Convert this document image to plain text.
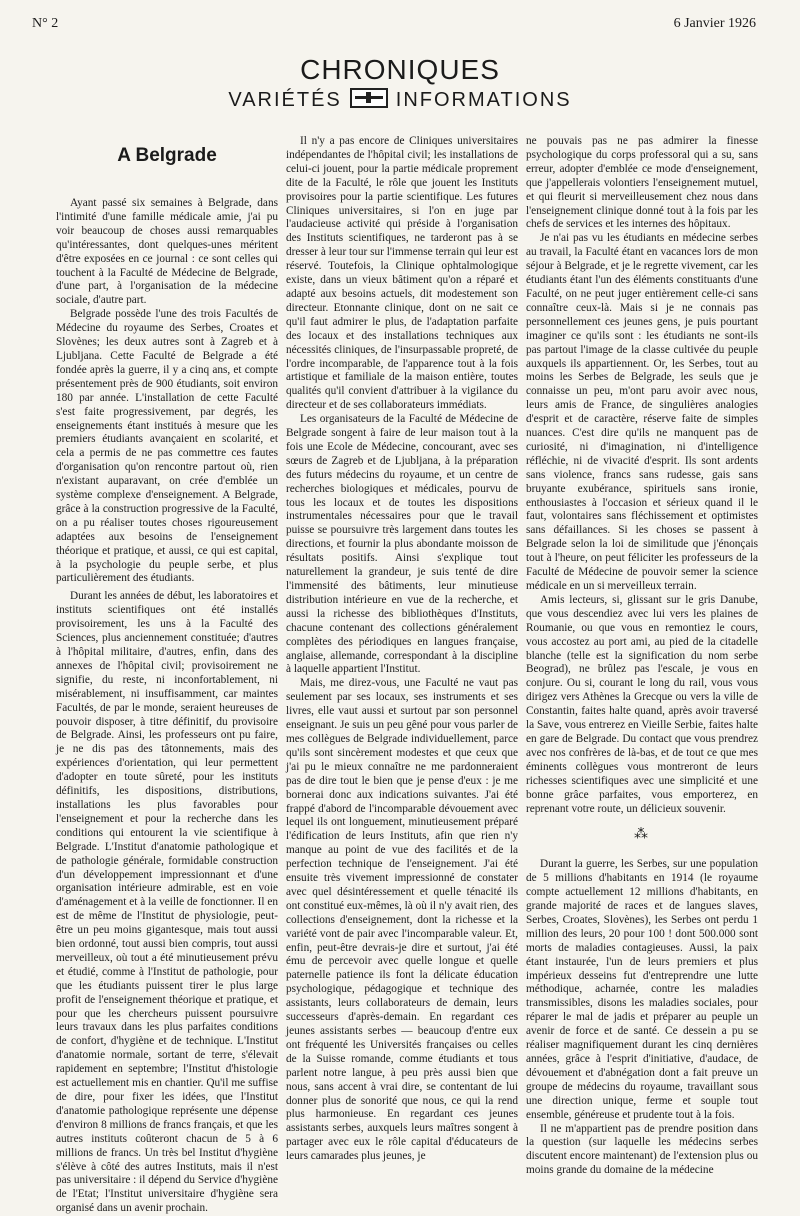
N° 2	6 Janvier 1926
CHRONIQUES
VARIÉTÉS	INFORMATIONS
A Belgrade

Ayant passé six semaines à Belgrade, dans l'intimité d'une famille médicale amie, j'ai pu voir beaucoup de choses aussi remarquables qu'intéressantes, dont quelques-unes méritent d'être exposées en ce journal : ce sont celles qui touchent à la Faculté de Médecine de Belgrade, d'une part, à l'organisation de la médecine sociale, d'autre part.

Belgrade possède l'une des trois Facultés de Médecine du royaume des Serbes, Croates et Slovènes; les deux autres sont à Zagreb et à Ljubljana. Cette Faculté de Belgrade a été fondée après la guerre, il y a cinq ans, et compte présentement près de 900 étudiants, soit environ 180 par année. L'installation de cette Faculté s'est faite progressivement, par degrés, les enseignements étant institués à mesure que les premiers étudiants avançaient en scolarité, et cela a permis de ne pas commettre ces fautes d'organisation qu'on rencontre partout où, rien n'existant auparavant, on crée d'emblée un système complexe d'enseignement. A Belgrade, grâce à la construction progressive de la Faculté, on a pu réaliser toutes choses rigoureusement adaptées aux besoins de l'enseignement théorique et pratique, et aussi, ce qui est capital, à la psychologie du peuple serbe, et plus particulièrement des étudiants.

Durant les années de début, les laboratoires et instituts scientifiques ont été installés provisoirement, les uns à la Faculté des Sciences, plus anciennement constituée; d'autres à l'hôpital militaire, d'autres, enfin, dans des annexes de l'hôpital civil; provisoirement ne signifie, du reste, ni inconfortablement, ni misérablement, ni insuffisamment, car maintes Facultés, de par le monde, seraient heureuses de pouvoir disposer, à titre définitif, du provisoire de Belgrade. Ainsi, les professeurs ont pu faire, je ne dis pas des tâtonnements, mais des expériences d'orientation, qui leur permettent d'adopter en toute sûreté, pour les instituts définitifs, les dispositions, distributions, installations les plus favorables pour l'enseignement et pour la recherche dans les conditions qui entourent la vie scientifique à Belgrade. L'Institut d'anatomie pathologique et de pathologie générale, formidable construction d'un développement impressionnant et d'une organisation intérieure admirable, est en voie d'aménagement et à la veille de fonctionner. Il en est de même de l'Institut de physiologie, peut-être un peu moins gigantesque, mais tout aussi bien ordonné, tout aussi bien compris, tout aussi merveilleux, où tout a été minutieusement prévu et étudié, comme à l'Institut de pathologie, pour que les étudiants puissent tirer le plus large profit de l'enseignement théorique et pratique, et pour que les chercheurs puissent poursuivre leurs travaux dans les plus parfaites conditions de confort, d'hygiène et de technique. L'Institut d'anatomie normale, sortant de terre, s'élevait rapidement en septembre; l'Institut d'histologie est actuellement mis en chantier. Qu'il me suffise de dire, pour fixer les idées, que l'Institut d'anatomie pathologique représente une dépense d'environ 8 millions de francs français, et que les autres instituts coûteront chacun de 5 à 6 millions de francs. Un très bel Institut d'hygiène s'élève à côté des autres Instituts, mais il n'est pas universitaire : il dépend du Service d'hygiène de l'Etat; l'Institut universitaire d'hygiène sera organisé dans un avenir prochain.

Il n'y a pas encore de Cliniques universitaires indépendantes de l'hôpital civil; les installations de celui-ci jouent, pour la partie médicale proprement dite de la Faculté, le rôle que jouent les Instituts provisoires pour la partie scientifique. Les futures Cliniques universitaires, si l'on en juge par l'audacieuse activité qui préside à l'organisation des Instituts scientifiques, ne tarderont pas à se dresser à leur tour sur l'immense terrain qui leur est réservé. Toutefois, la Clinique ophtalmologique existe, dans un vieux bâtiment qu'on a réparé et adapté aux besoins actuels, dit modestement son directeur. Etonnante clinique, dont on ne sait ce qu'il faut admirer le plus, de l'adaptation parfaite des locaux et des installations techniques aux nécessités cliniques, de l'insurpassable propreté, de l'ordre incomparable, de l'apparence tout à la fois artistique et familiale de la maison entière, toutes qualités qu'il convient d'attribuer à la vigilance du directeur et de ses collaborateurs immédiats.

Les organisateurs de la Faculté de Médecine de Belgrade songent à faire de leur maison tout à la fois une Ecole de Médecine, concourant, avec ses sœurs de Zagreb et de Ljubljana, à la préparation des futurs médecins du royaume, et un centre de recherches biologiques et médicales, pourvu de tous les locaux et de toutes les dispositions instrumentales nécessaires pour que le travail puisse se poursuivre très largement dans toutes les directions, et fournir la plus abondante moisson de résultats positifs. Ainsi s'explique tout naturellement la grandeur, je suis tenté de dire l'immensité des bâtiments, leur minutieuse distribution intérieure en vue de la recherche, et aussi la richesse des bibliothèques d'Instituts, chacune contenant des collections généralement complètes des périodiques en langues française, anglaise, allemande, correspondant à la discipline à laquelle appartient l'Institut.

Mais, me direz-vous, une Faculté ne vaut pas seulement par ses locaux, ses instruments et ses livres, elle vaut aussi et surtout par son personnel enseignant. Je suis un peu gêné pour vous parler de mes collègues de Belgrade individuellement, parce qu'ils sont sincèrement modestes et que ceux que j'ai pu le mieux connaître ne me pardonneraient pas de dire tout le bien que je pense d'eux : je me bornerai donc aux indications suivantes. J'ai été frappé d'abord de l'incomparable dévouement avec lequel ils ont longuement, minutieusement préparé l'édification de leurs Instituts, afin que rien n'y manque au point de vue des facilités et de la perfection technique de l'enseignement. J'ai été ensuite très vivement impressionné de constater avec quel désintéressement et quelle ténacité ils ont constitué eux-mêmes, là où il n'y avait rien, des collections d'enseignement, dont la richesse et la variété vont de pair avec l'incomparable valeur. Et, enfin, peut-être devrais-je dire et surtout, j'ai été ému de percevoir avec quelle longue et quelle paternelle patience ils font la délicate éducation psychologique, pédagogique et technique des assistants, leurs collaborateurs de demain, leurs successeurs d'après-demain. En regardant ces jeunes assistants serbes — beaucoup d'entre eux ont fréquenté les Universités françaises ou celles de la Suisse romande, comme étudiants et tous parlent notre langue, à peu près aussi bien que nous, sans accent à vrai dire, se contentant de lui donner plus de sonorité que nous, ce qui la rend plus harmonieuse. En regardant ces jeunes assistants serbes, auxquels leurs maîtres songent à partager avec eux le rôle capital d'éducateurs de leurs camarades plus jeunes, je

ne pouvais pas ne pas admirer la finesse psychologique du corps professoral qui a su, sans erreur, adopter d'emblée ce mode d'enseignement, que j'appellerais volontiers l'enseignement mutuel, et qui fleurit si merveilleusement chez nous dans l'enseignement clinique donné tout à la fois par les chefs de services et les internes des hôpitaux.

Je n'ai pas vu les étudiants en médecine serbes au travail, la Faculté étant en vacances lors de mon séjour à Belgrade, et je le regrette vivement, car les étudiants étant l'un des éléments constituants d'une Faculté, on ne peut juger entièrement celle-ci sans connaître ceux-là. Mais si je ne connais pas personnellement ces jeunes gens, je puis pourtant imaginer ce qu'ils sont : les étudiants ne sont-ils pas partout l'image de la classe cultivée du peuple auxquels ils appartiennent. Or, les Serbes, tout au moins les Serbes de Belgrade, les seuls que je connaisse un peu, m'ont paru avoir avec nous, leurs amis de France, de singulières analogies d'esprit et de caractère, réserve faite de simples nuances. C'est dire qu'ils ne manquent pas de curiosité, ni d'imagination, ni d'intelligence réfléchie, ni de vivacité d'esprit. Ils sont ardents sans violence, francs sans rudesse, gais sans bruyante exubérance, spirituels sans ironie, enthousiastes à l'occasion et sérieux quand il le faut, volontaires sans fléchissement et optimistes sans défaillances. Si les choses se passent à Belgrade selon la loi de similitude que j'énonçais tout à l'heure, on peut féliciter les professeurs de la Faculté de Médecine de pouvoir semer la science médicale en un si merveilleux terrain.

Amis lecteurs, si, glissant sur le gris Danube, que vous descendiez avec lui vers les plaines de Roumanie, ou que vous en remontiez le cours, vous accostez au port ami, au pied de la citadelle blanche (telle est la signification du nom serbe Beograd), ne brûlez pas l'escale, je vous en conjure. Ou si, courant le long du rail, vous vous dirigez vers Athènes la Grecque ou vers la ville de Constantin, faites halte quand, après avoir traversé la Save, vous entrerez en Vieille Serbie, faites halte en gare de Belgrade. Du contact que vous prendrez avec nos confrères de là-bas, et de tout ce que mes éminents collègues vous montreront de leurs richesses scientifiques avec une simplicité et une bonne grâce parfaites, vous emporterez, en reprenant votre route, un délicieux souvenir.

⁂

Durant la guerre, les Serbes, sur une population de 5 millions d'habitants en 1914 (le royaume compte actuellement 12 millions d'habitants, en grande majorité de races et de langues slaves, Serbes, Croates, Slovènes), les Serbes ont perdu 1 million des leurs, 20 pour 100 ! dont 500.000 sont morts de maladies contagieuses. Aussi, la paix étant instaurée, l'un de leurs premiers et plus impérieux desseins fut d'entreprendre une lutte méthodique, acharnée, contre les maladies transmissibles, disons les maladies sociales, pour réparer le mal de jadis et préparer au peuple un avenir de force et de santé. Ce dessein a pu se réaliser magnifiquement durant les cinq dernières années, grâce à l'esprit d'initiative, d'audace, de dévouement et d'abnégation dont a fait preuve un groupe de médecins du royaume, travaillant sous une direction unique, ferme et souple tout ensemble, généreuse et prudente tout à la fois.

Il ne m'appartient pas de prendre position dans la question (sur laquelle les médecins serbes discutent encore maintenant) de l'extension plus ou moins grande du domaine de la médecine
